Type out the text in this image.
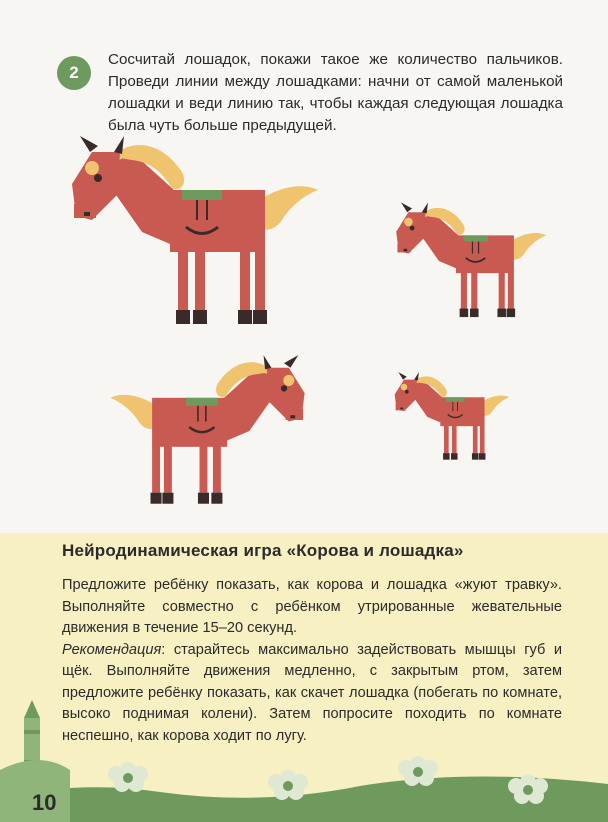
2
Сосчитай лошадок, покажи такое же количество пальчиков. Проведи линии между лошадками: начни от самой маленькой лошадки и веди линию так, чтобы каждая следующая лошадка была чуть больше предыдущей.
Нейродинамическая игра «Корова и лошадка»

Предложите ребёнку показать, как корова и лошадка «жуют травку». Выполняйте совместно с ребёнком утрированные жевательные движения в течение 15–20 секунд.

Рекомендация: старайтесь максимально задействовать мышцы губ и щёк. Выполняйте движения медленно, с закрытым ртом, затем предложите ребёнку показать, как скачет лошадка (побегать по комнате, высоко поднимая колени). Затем попросите походить по комнате неспешно, как корова ходит по лугу.

10
